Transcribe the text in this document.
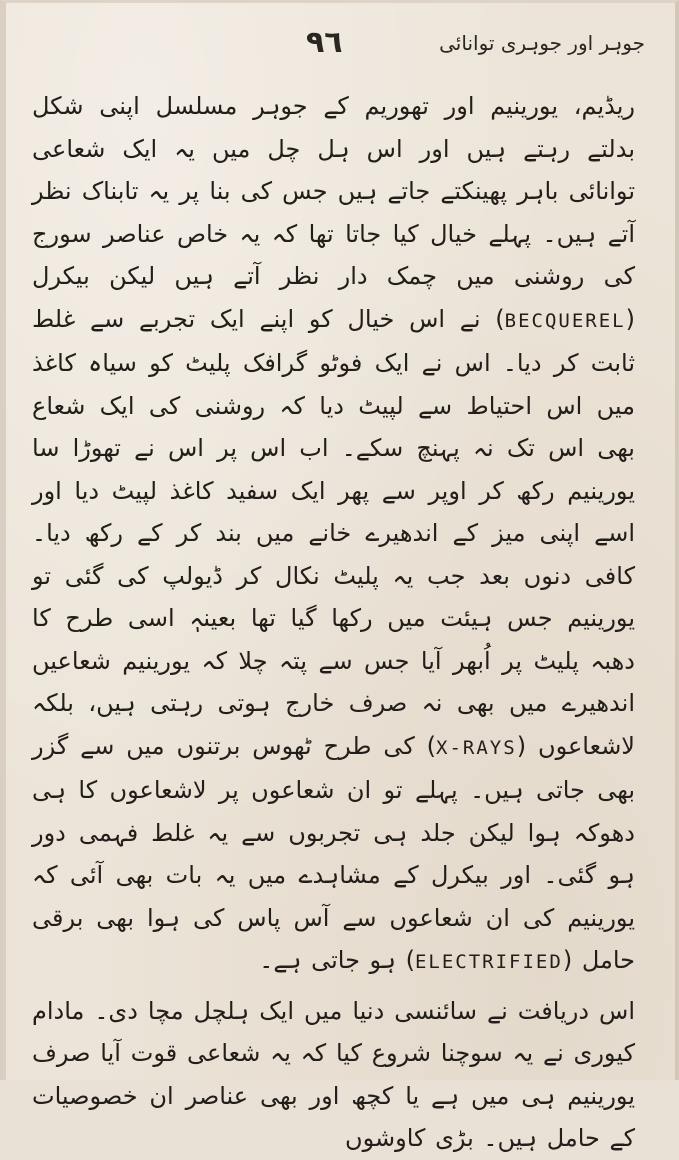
٩٦	جوہر اور جوہری توانائی

ریڈیم، یورینیم اور تھوریم کے جوہر مسلسل اپنی شکل بدلتے رہتے ہیں اور اس ہل چل میں یہ ایک شعاعی توانائی باہر پھینکتے جاتے ہیں جس کی بنا پر یہ تابناک نظر آتے ہیں۔ پہلے خیال کیا جاتا تھا کہ یہ خاص عناصر سورج کی روشنی میں چمک دار نظر آتے ہیں لیکن بیکرل (BECQUEREL) نے اس خیال کو اپنے ایک تجربے سے غلط ثابت کر دیا۔ اس نے ایک فوٹو گرافک پلیٹ کو سیاہ کاغذ میں اس احتیاط سے لپیٹ دیا کہ روشنی کی ایک شعاع بھی اس تک نہ پہنچ سکے۔ اب اس پر اس نے تھوڑا سا یورینیم رکھ کر اوپر سے پھر ایک سفید کاغذ لپیٹ دیا اور اسے اپنی میز کے اندھیرے خانے میں بند کر کے رکھ دیا۔ کافی دنوں بعد جب یہ پلیٹ نکال کر ڈیولپ کی گئی تو یورینیم جس ہیئت میں رکھا گیا تھا بعینہٖ اسی طرح کا دھبہ پلیٹ پر اُبھر آیا جس سے پتہ چلا کہ یورینیم شعاعیں اندھیرے میں بھی نہ صرف خارج ہوتی رہتی ہیں، بلکہ لاشعاعوں (X-RAYS) کی طرح ٹھوس برتنوں میں سے گزر بھی جاتی ہیں۔ پہلے تو ان شعاعوں پر لاشعاعوں کا ہی دھوکہ ہوا لیکن جلد ہی تجربوں سے یہ غلط فہمی دور ہو گئی۔ اور بیکرل کے مشاہدے میں یہ بات بھی آئی کہ یورینیم کی ان شعاعوں سے آس پاس کی ہوا بھی برقی حامل (ELECTRIFIED) ہو جاتی ہے۔

اس دریافت نے سائنسی دنیا میں ایک ہلچل مچا دی۔ مادام کیوری نے یہ سوچنا شروع کیا کہ یہ شعاعی قوت آیا صرف یورینیم ہی میں ہے یا کچھ اور بھی عناصر ان خصوصیات کے حامل ہیں۔ بڑی کاوشوں
